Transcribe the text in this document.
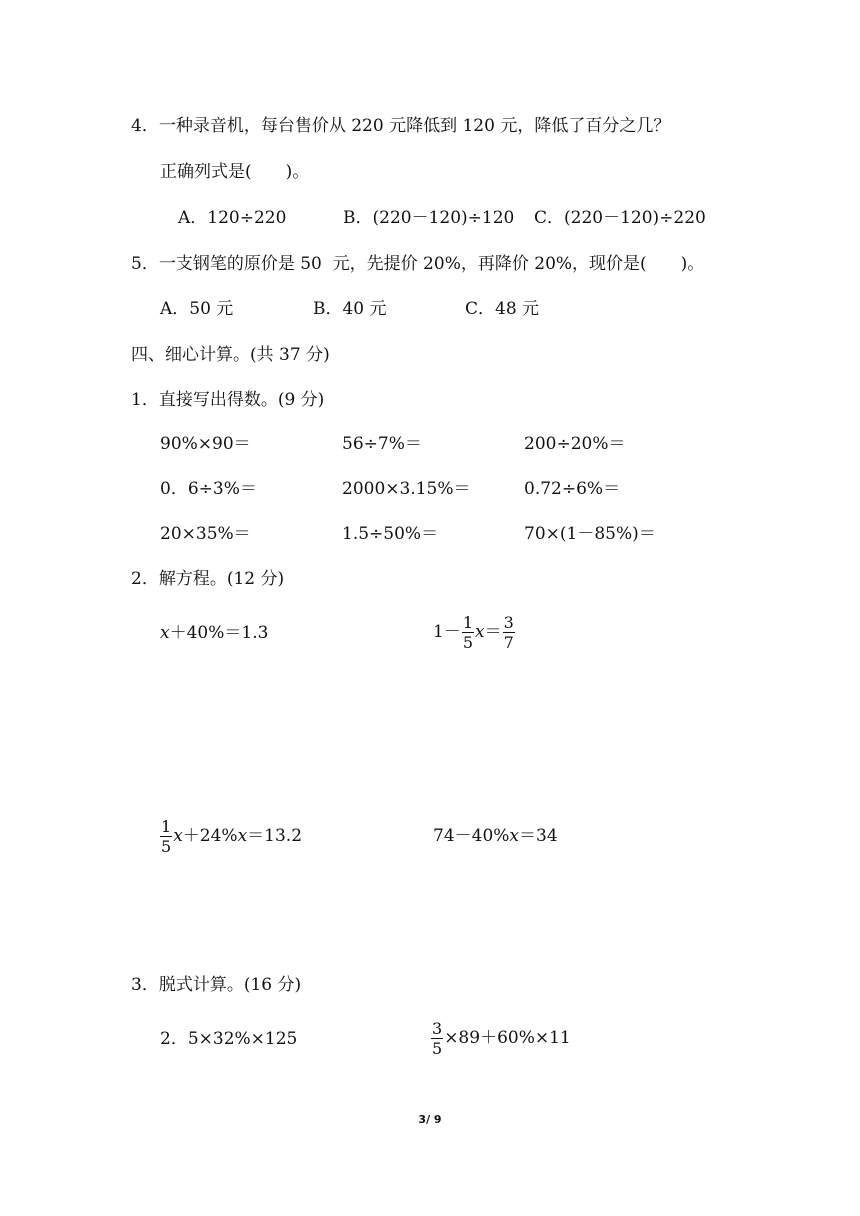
4．一种录音机，每台售价从 220 元降低到 120 元，降低了百分之几？
正确列式是(　　)。
A．120÷220	B．(220－120)÷120 C．(220－120)÷220
5．一支钢笔的原价是 50  元，先提价 20%，再降价 20%，现价是(　　)。
A．50 元	B．40 元	C．48 元
四、细心计算。(共 37 分)
1．直接写出得数。(9 分)
90%×90＝	56÷7%＝	200÷20%＝
0．6÷3%＝	2000×3.15%＝	0.72÷6%＝
20×35%＝	1.5÷50%＝	70×(1－85%)＝
2．解方程。(12 分)
x＋40%＝1.3	$1- \frac{1}{5} x= \frac{3}{7}$
$\frac{1}{5} x+24\%x=13.2$	74－40%x＝34
3．脱式计算。(16 分)
2．5×32%×125	$\frac{3}{5} \times 89+60\%\times 11$
3/ 9
